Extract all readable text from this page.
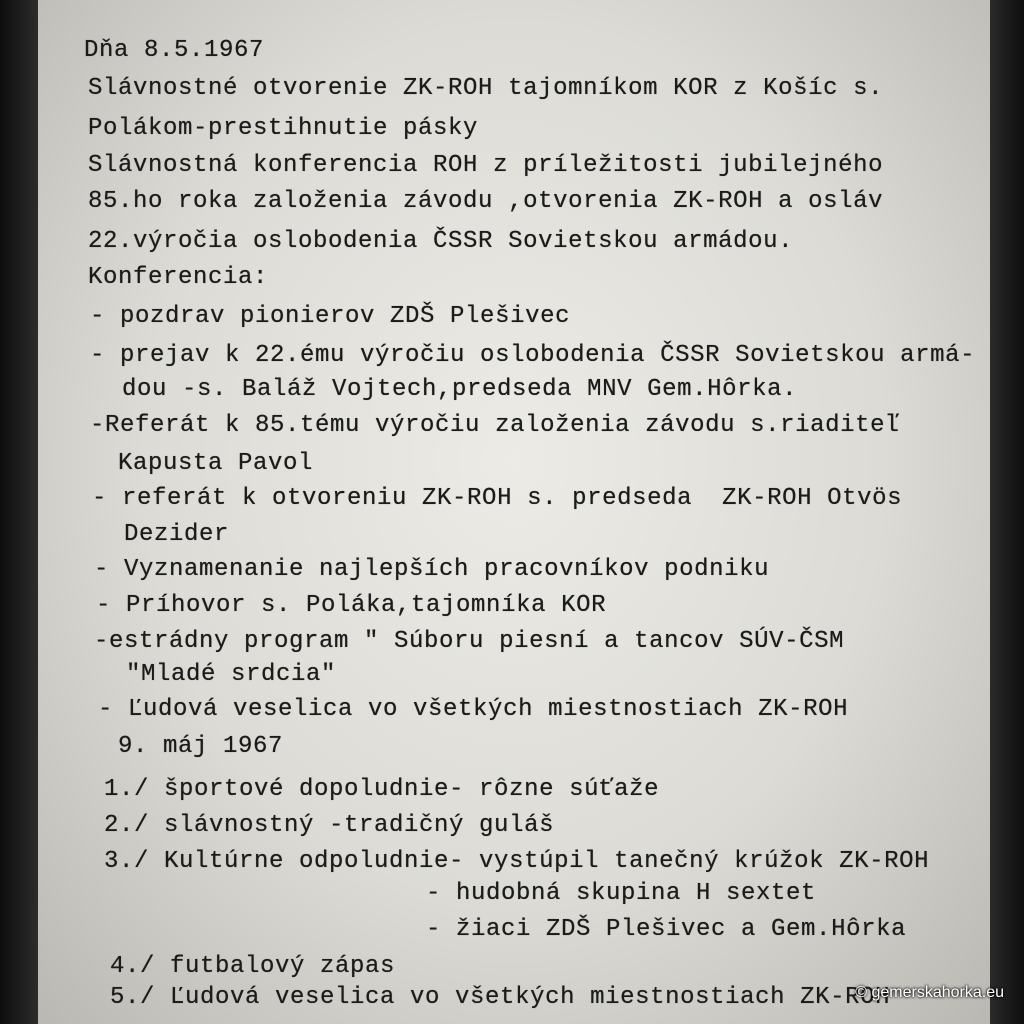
Dňa 8.5.1967
Slávnostné otvorenie ZK-ROH tajomníkom KOR z Košíc s.
Polákom-prestihnutie pásky
Slávnostná konferencia ROH z príležitosti jubilejného
85.ho roka založenia závodu ,otvorenia ZK-ROH a osláv
22.výročia oslobodenia ČSSR Sovietskou armádou.
Konferencia:
- pozdrav pionierov ZDŠ Plešivec
- prejav k 22.ému výročiu oslobodenia ČSSR Sovietskou armá-
dou -s. Baláž Vojtech,predseda MNV Gem.Hôrka.
-Referát k 85.tému výročiu založenia závodu s.riaditeľ
Kapusta Pavol
- referát k otvoreniu ZK-ROH s. predseda  ZK-ROH Otvös
Dezider
- Vyznamenanie najlepších pracovníkov podniku
- Príhovor s. Poláka,tajomníka KOR
-estrádny program " Súboru piesní a tancov SÚV-ČSM
"Mladé srdcia"
- Ľudová veselica vo všetkých miestnostiach ZK-ROH
9. máj 1967
1./ športové dopoludnie- rôzne súťaže
2./ slávnostný -tradičný guláš
3./ Kultúrne odpoludnie- vystúpil tanečný krúžok ZK-ROH
- hudobná skupina H sextet
- žiaci ZDŠ Plešivec a Gem.Hôrka
4./ futbalový zápas
5./ Ľudová veselica vo všetkých miestnostiach ZK-ROH
© gemerskahorka.eu
